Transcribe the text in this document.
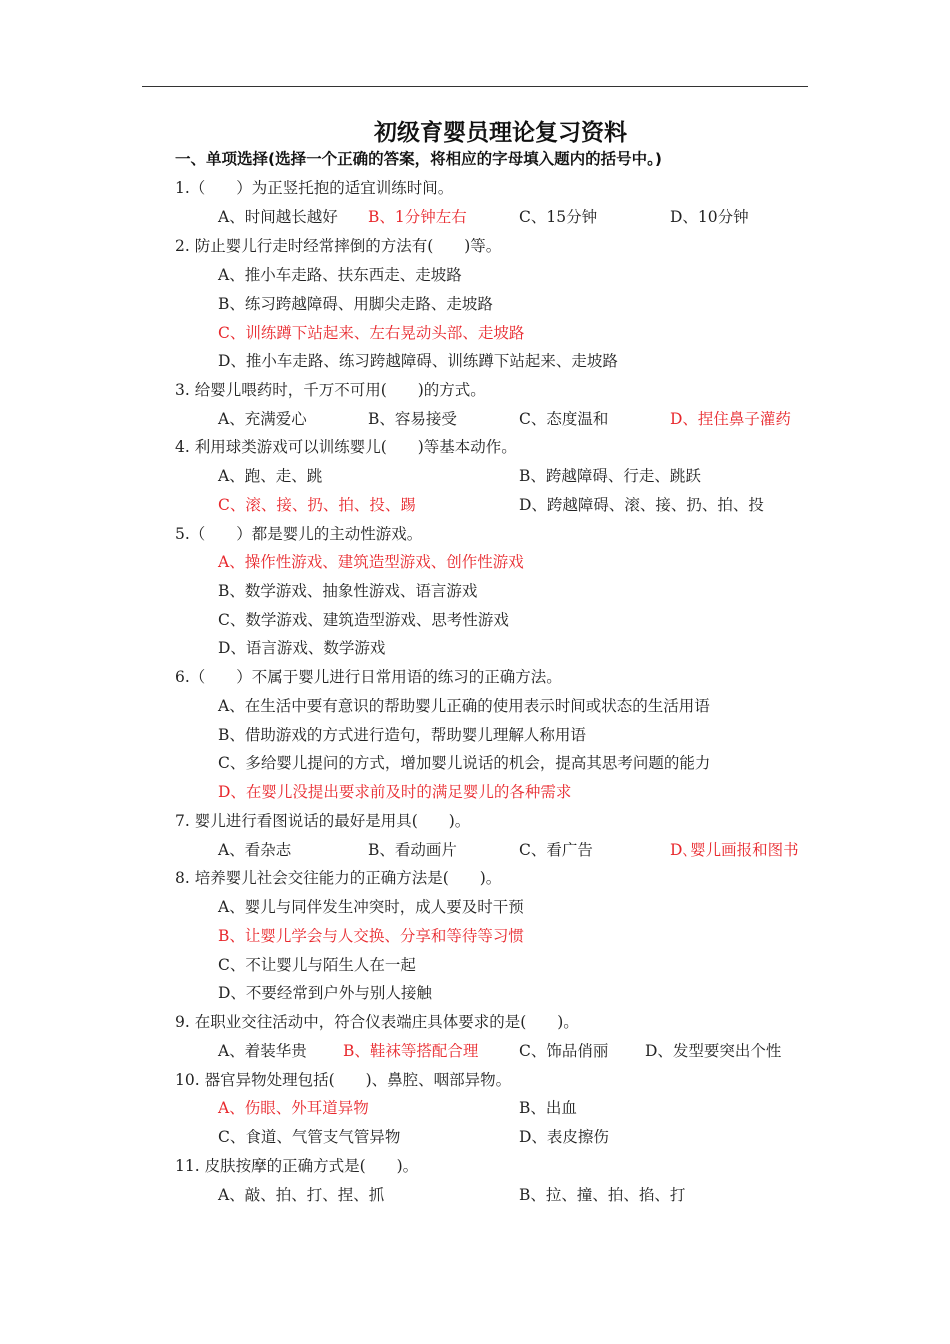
初级育婴员理论复习资料
一、单项选择(选择一个正确的答案，将相应的字母填入题内的括号中。)
1.（　　）为正竖托抱的适宜训练时间。
A、时间越长越好 B、1分钟左右	C、15分钟	D、10分钟
2. 防止婴儿行走时经常摔倒的方法有(　　)等。
A、推小车走路、扶东西走、走坡路
B、练习跨越障碍、用脚尖走路、走坡路
C、训练蹲下站起来、左右晃动头部、走坡路
D、推小车走路、练习跨越障碍、训练蹲下站起来、走坡路
3. 给婴儿喂药时，千万不可用(　　)的方式。
A、充满爱心	B、容易接受	C、态度温和	D、捏住鼻子灌药
4. 利用球类游戏可以训练婴儿(　　)等基本动作。
A、跑、走、跳	B、跨越障碍、行走、跳跃
C、滚、接、扔、拍、投、踢	D、跨越障碍、滚、接、扔、拍、投
5.（　　）都是婴儿的主动性游戏。
A、操作性游戏、建筑造型游戏、创作性游戏
B、数学游戏、抽象性游戏、语言游戏
C、数学游戏、建筑造型游戏、思考性游戏
D、语言游戏、数学游戏
6.（　　）不属于婴儿进行日常用语的练习的正确方法。
A、在生活中要有意识的帮助婴儿正确的使用表示时间或状态的生活用语
B、借助游戏的方式进行造句，帮助婴儿理解人称用语
C、多给婴儿提问的方式，增加婴儿说话的机会，提高其思考问题的能力
D、在婴儿没提出要求前及时的满足婴儿的各种需求
7. 婴儿进行看图说话的最好是用具(　　)。
A、看杂志	B、看动画片	C、看广告	D､婴儿画报和图书
8. 培养婴儿社会交往能力的正确方法是(　　)。
A、婴儿与同伴发生冲突时，成人要及时干预
B、让婴儿学会与人交换、分享和等待等习惯
C、不让婴儿与陌生人在一起
D、不要经常到户外与别人接触
9. 在职业交往活动中，符合仪表端庄具体要求的是(　　)。
A、着装华贵 B、鞋袜等搭配合理	C、饰品俏丽 D、发型要突出个性
10. 器官异物处理包括(　　)、鼻腔、咽部异物。
A、伤眼、外耳道异物	B、出血
C、食道、气管支气管异物	D、表皮擦伤
11. 皮肤按摩的正确方式是(　　)。
A、敲、拍、打、捏、抓	B、拉、撞、拍、掐、打
